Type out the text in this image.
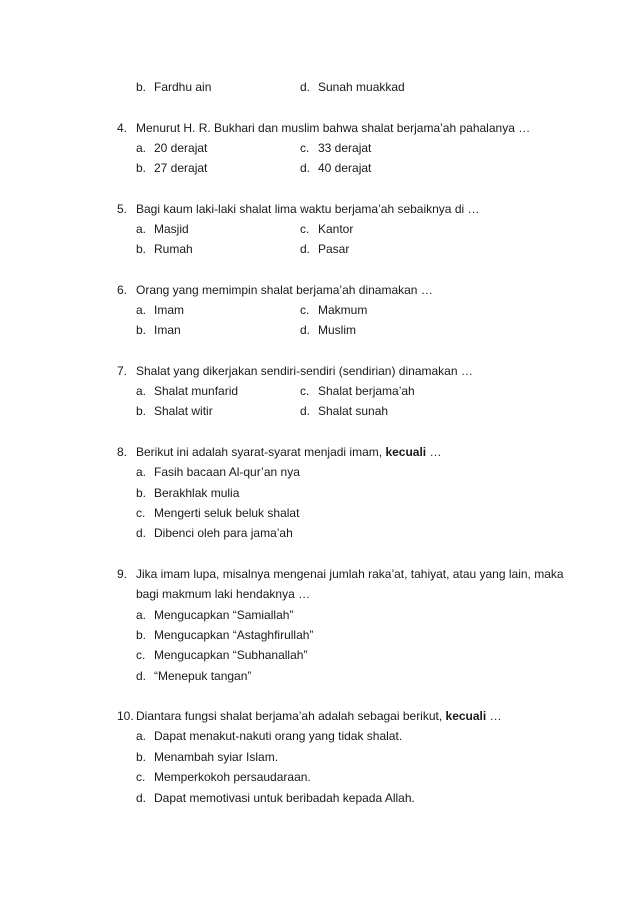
b. Fardhu ain	d. Sunah muakkad
4. Menurut H. R. Bukhari dan muslim bahwa shalat berjama’ah pahalanya …
a. 20 derajat	c. 33 derajat
b. 27 derajat	d. 40 derajat
5. Bagi kaum laki-laki shalat lima waktu berjama’ah sebaiknya di …
a. Masjid	c. Kantor
b. Rumah	d. Pasar
6. Orang yang memimpin shalat berjama’ah dinamakan …
a. Imam	c. Makmum
b. Iman	d. Muslim
7. Shalat yang dikerjakan sendiri-sendiri (sendirian) dinamakan …
a. Shalat munfarid	c. Shalat berjama’ah
b. Shalat witir	d. Shalat sunah
8. Berikut ini adalah syarat-syarat menjadi imam, kecuali …
a. Fasih bacaan Al-qur’an nya
b. Berakhlak mulia
c. Mengerti seluk beluk shalat
d. Dibenci oleh para jama’ah
9. Jika imam lupa, misalnya mengenai jumlah raka’at, tahiyat, atau yang lain, maka
bagi makmum laki hendaknya …
a. Mengucapkan “Samiallah”
b. Mengucapkan “Astaghfirullah”
c. Mengucapkan “Subhanallah”
d. “Menepuk tangan”
10. Diantara fungsi shalat berjama’ah adalah sebagai berikut, kecuali …
a. Dapat menakut-nakuti orang yang tidak shalat.
b. Menambah syiar Islam.
c. Memperkokoh persaudaraan.
d. Dapat memotivasi untuk beribadah kepada Allah.
